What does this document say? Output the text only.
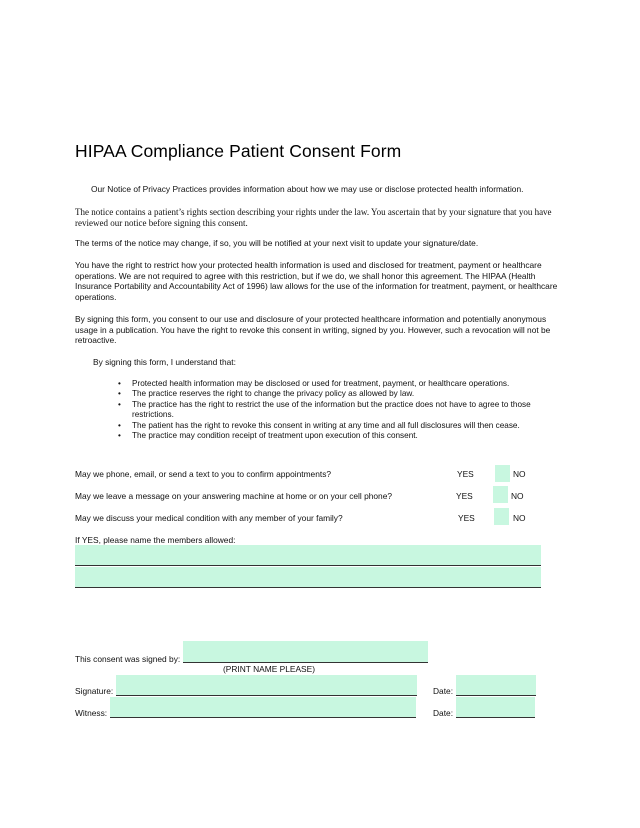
HIPAA Compliance Patient Consent Form
Our Notice of Privacy Practices provides information about how we may use or disclose protected health information.
The notice contains a patient’s rights section describing your rights under the law. You ascertain that by your signature that you have reviewed our notice before signing this consent.
The terms of the notice may change, if so, you will be notified at your next visit to update your signature/date.
You have the right to restrict how your protected health information is used and disclosed for treatment, payment or healthcare operations. We are not required to agree with this restriction, but if we do, we shall honor this agreement. The HIPAA (Health Insurance Portability and Accountability Act of 1996) law allows for the use of the information for treatment, payment, or healthcare operations.
By signing this form, you consent to our use and disclosure of your protected healthcare information and potentially anonymous usage in a publication. You have the right to revoke this consent in writing, signed by you. However, such a revocation will not be retroactive.
By signing this form, I understand that:
• Protected health information may be disclosed or used for treatment, payment, or healthcare operations.
• The practice reserves the right to change the privacy policy as allowed by law.
• The practice has the right to restrict the use of the information but the practice does not have to agree to those restrictions.
• The patient has the right to revoke this consent in writing at any time and all full disclosures will then cease.
• The practice may condition receipt of treatment upon execution of this consent.
May we phone, email, or send a text to you to confirm appointments?	YES	NO
May we leave a message on your answering machine at home or on your cell phone?	YES	NO
May we discuss your medical condition with any member of your family?	YES	NO
If YES, please name the members allowed:
This consent was signed by:
(PRINT NAME PLEASE)
Signature:	Date:
Witness:	Date:
